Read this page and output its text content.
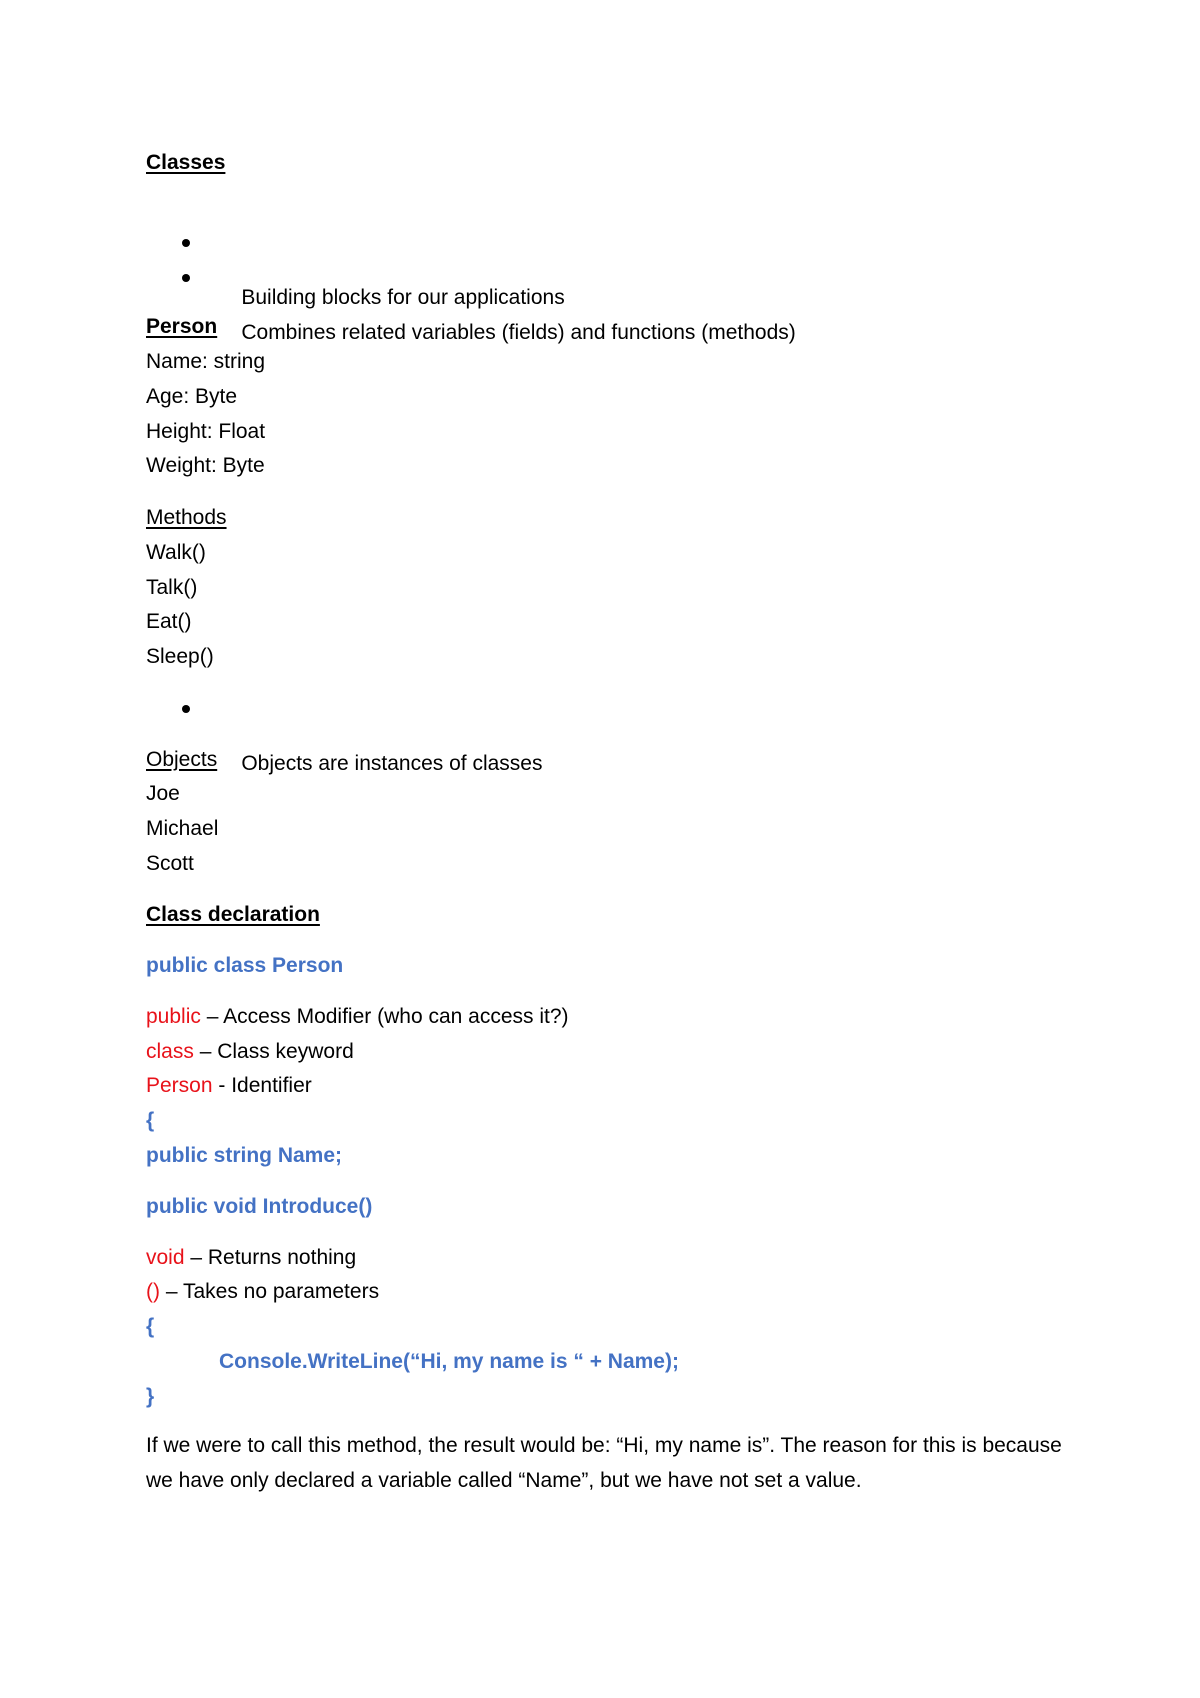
Classes

Building blocks for our applications

Combines related variables (fields) and functions (methods)

Person
Name: string
Age: Byte
Height: Float
Weight: Byte
Methods
Walk()
Talk()
Eat()
Sleep()

Objects are instances of classes

Objects
Joe
Michael
Scott
Class declaration
public class Person
public – Access Modifier (who can access it?)
class – Class keyword
Person - Identifier
{
public string Name;
public void Introduce()
void – Returns nothing
() – Takes no parameters
{
Console.WriteLine(“Hi, my name is “ + Name);
}
If we were to call this method, the result would be: “Hi, my name is”. The reason for this is because we have only declared a variable called “Name”, but we have not set a value.
